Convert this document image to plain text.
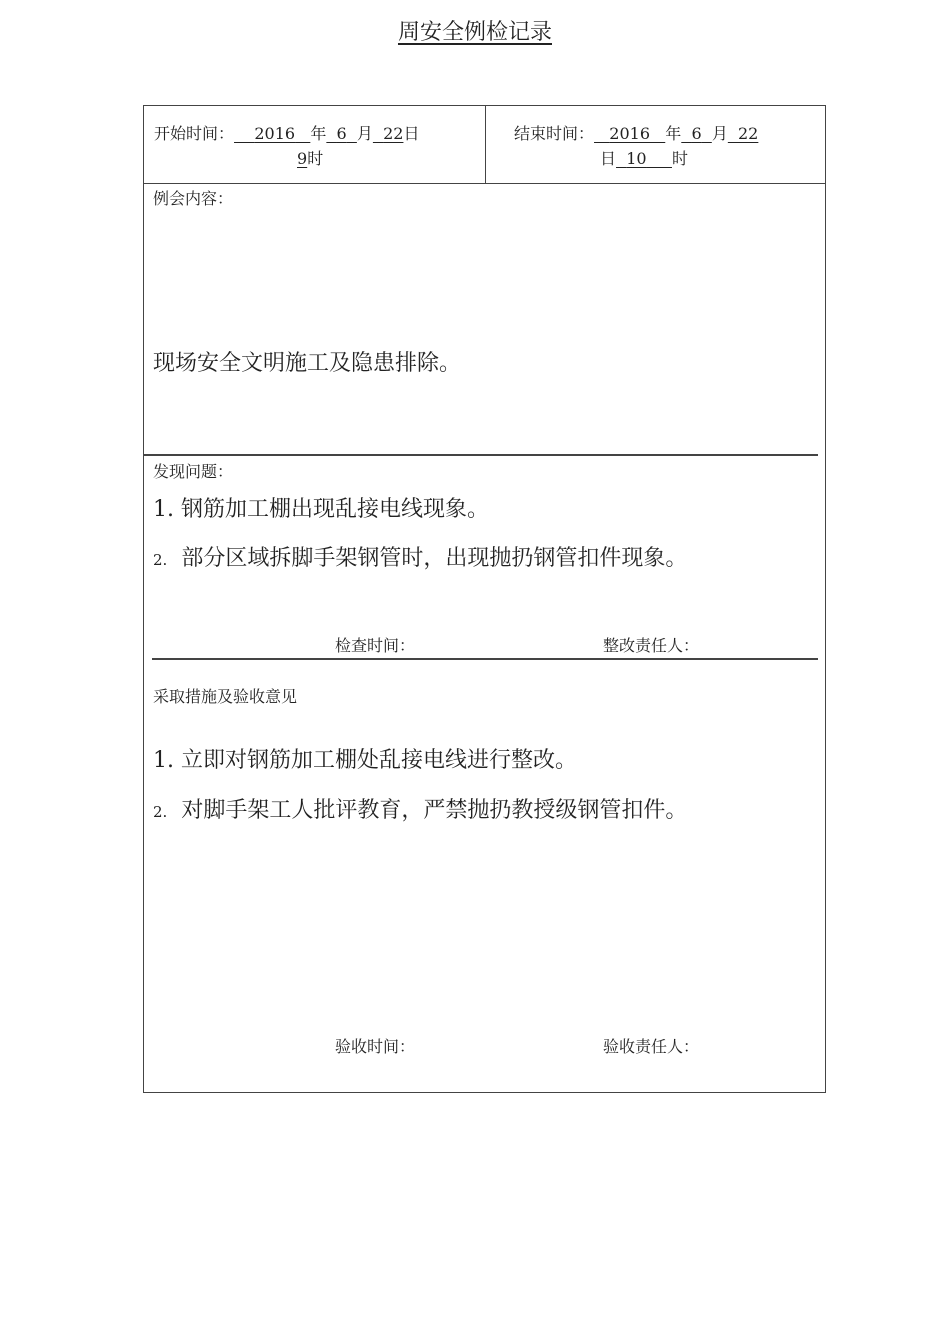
周安全例检记录
开始时间： 2016 年 6 月 22日
9时
结束时间： 2016 年 6 月 22
日 10 时
例会内容：
现场安全文明施工及隐患排除。
发现问题：
1. 钢筋加工棚出现乱接电线现象。
2. 部分区域拆脚手架钢管时，出现抛扔钢管扣件现象。
检查时间：	整改责任人：
采取措施及验收意见
1. 立即对钢筋加工棚处乱接电线进行整改。
2. 对脚手架工人批评教育，严禁抛扔教授级钢管扣件。
验收时间：	验收责任人：
